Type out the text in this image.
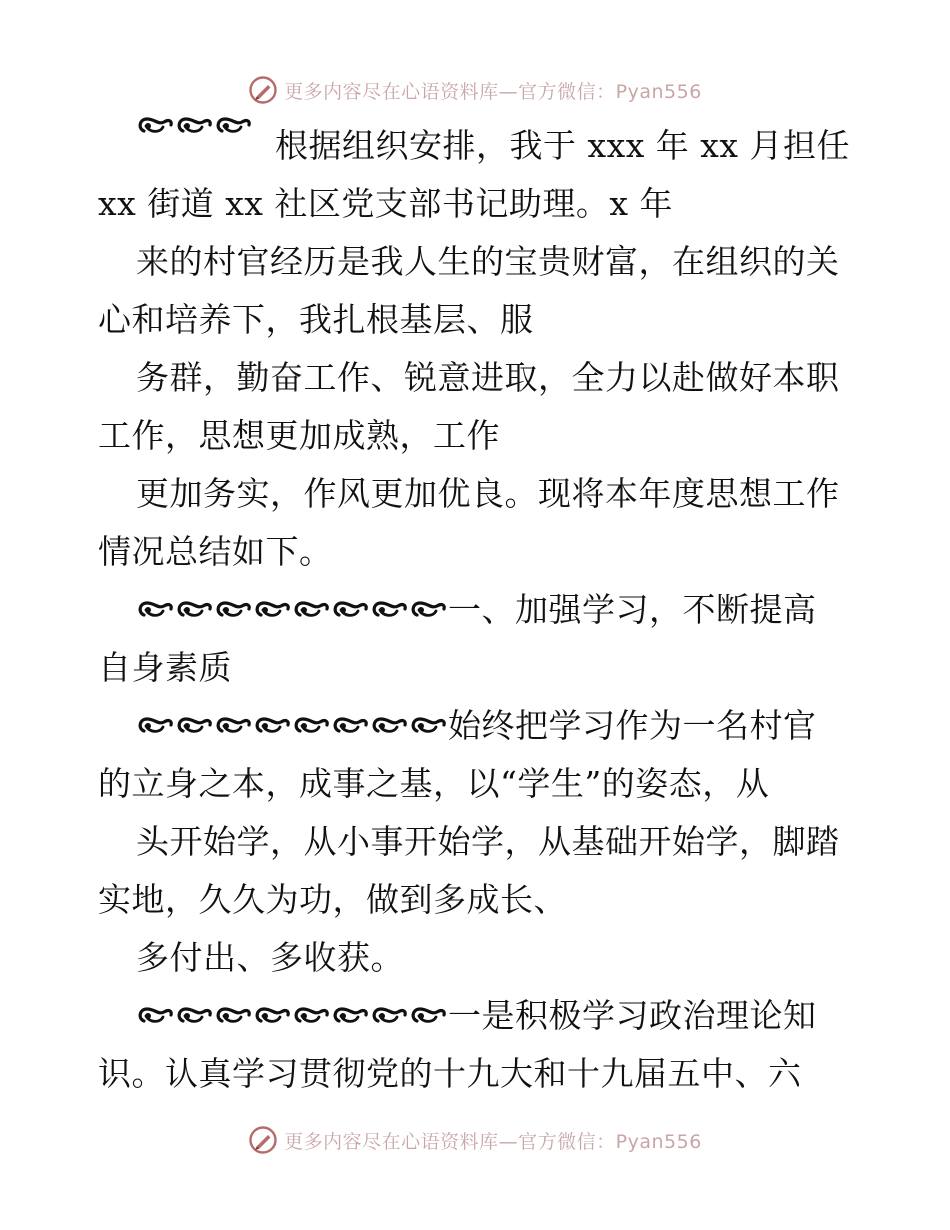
更多内容尽在心语资料库—官方微信：Pyan556
根据组织安排，我于 xxx 年 xx 月担任
xx 街道 xx 社区党支部书记助理。x 年
来的村官经历是我人生的宝贵财富，在组织的关
心和培养下，我扎根基层、服
务群，勤奋工作、锐意进取，全力以赴做好本职
工作，思想更加成熟，工作
更加务实，作风更加优良。现将本年度思想工作
情况总结如下。
一、加强学习，不断提高
自身素质
始终把学习作为一名村官
的立身之本，成事之基，以“学生”的姿态，从
头开始学，从小事开始学，从基础开始学，脚踏
实地，久久为功，做到多成长、
多付出、多收获。
一是积极学习政治理论知
识。认真学习贯彻党的十九大和十九届五中、六
更多内容尽在心语资料库—官方微信：Pyan556
